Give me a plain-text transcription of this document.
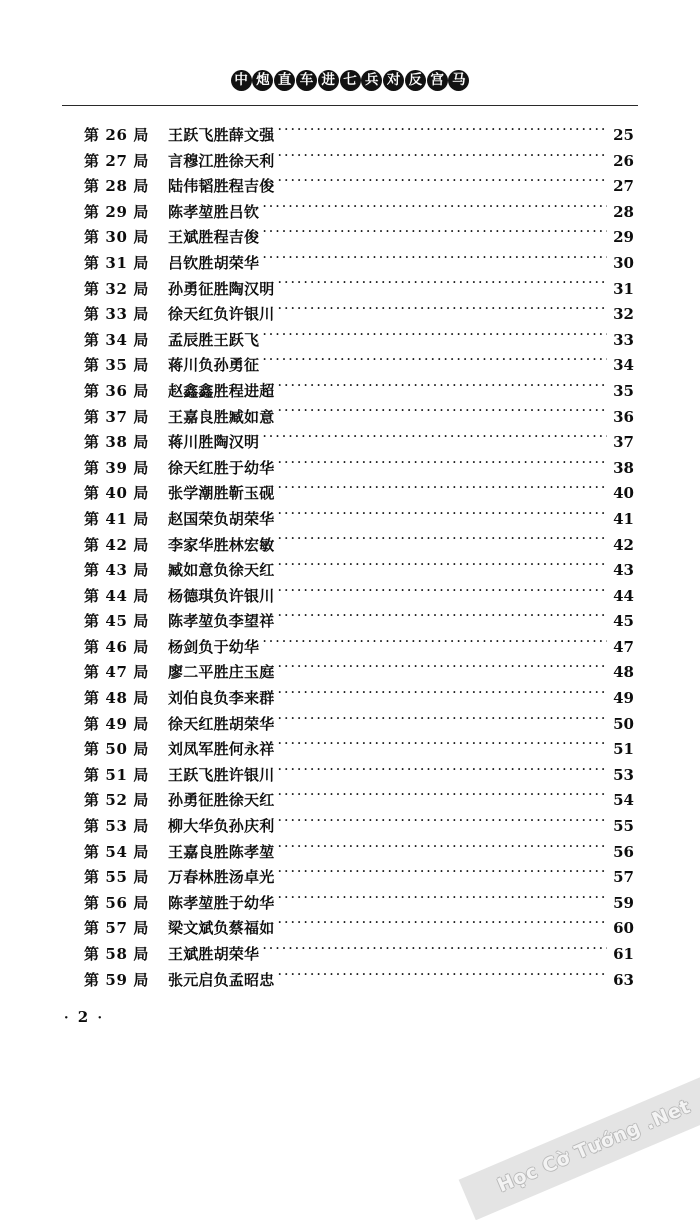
中 炮 直 车 进 七 兵 对 反 宫 马
第 26 局	王跃飞胜薛文强 ·····	25
第 27 局	言穆江胜徐天利 ·····	26
第 28 局	陆伟韬胜程吉俊 ·····	27
第 29 局	陈孝堃胜吕钦 ·····	28
第 30 局	王斌胜程吉俊 ·····	29
第 31 局	吕钦胜胡荣华 ·····	30
第 32 局	孙勇征胜陶汉明 ·····	31
第 33 局	徐天红负许银川 ·····	32
第 34 局	孟辰胜王跃飞 ·····	33
第 35 局	蒋川负孙勇征 ·····	34
第 36 局	赵鑫鑫胜程进超 ·····	35
第 37 局	王嘉良胜臧如意 ·····	36
第 38 局	蒋川胜陶汉明 ·····	37
第 39 局	徐天红胜于幼华 ·····	38
第 40 局	张学潮胜靳玉砚 ·····	40
第 41 局	赵国荣负胡荣华 ·····	41
第 42 局	李家华胜林宏敏 ·····	42
第 43 局	臧如意负徐天红 ·····	43
第 44 局	杨德琪负许银川 ·····	44
第 45 局	陈孝堃负李望祥 ·····	45
第 46 局	杨剑负于幼华 ·····	47
第 47 局	廖二平胜庄玉庭 ·····	48
第 48 局	刘伯良负李来群 ·····	49
第 49 局	徐天红胜胡荣华 ·····	50
第 50 局	刘凤军胜何永祥 ·····	51
第 51 局	王跃飞胜许银川 ·····	53
第 52 局	孙勇征胜徐天红 ·····	54
第 53 局	柳大华负孙庆利 ·····	55
第 54 局	王嘉良胜陈孝堃 ·····	56
第 55 局	万春林胜汤卓光 ·····	57
第 56 局	陈孝堃胜于幼华 ·····	59
第 57 局	梁文斌负蔡福如 ·····	60
第 58 局	王斌胜胡荣华 ·····	61
第 59 局	张元启负孟昭忠 ·····	63
· 2 ·
Học Cờ Tướng .Net
